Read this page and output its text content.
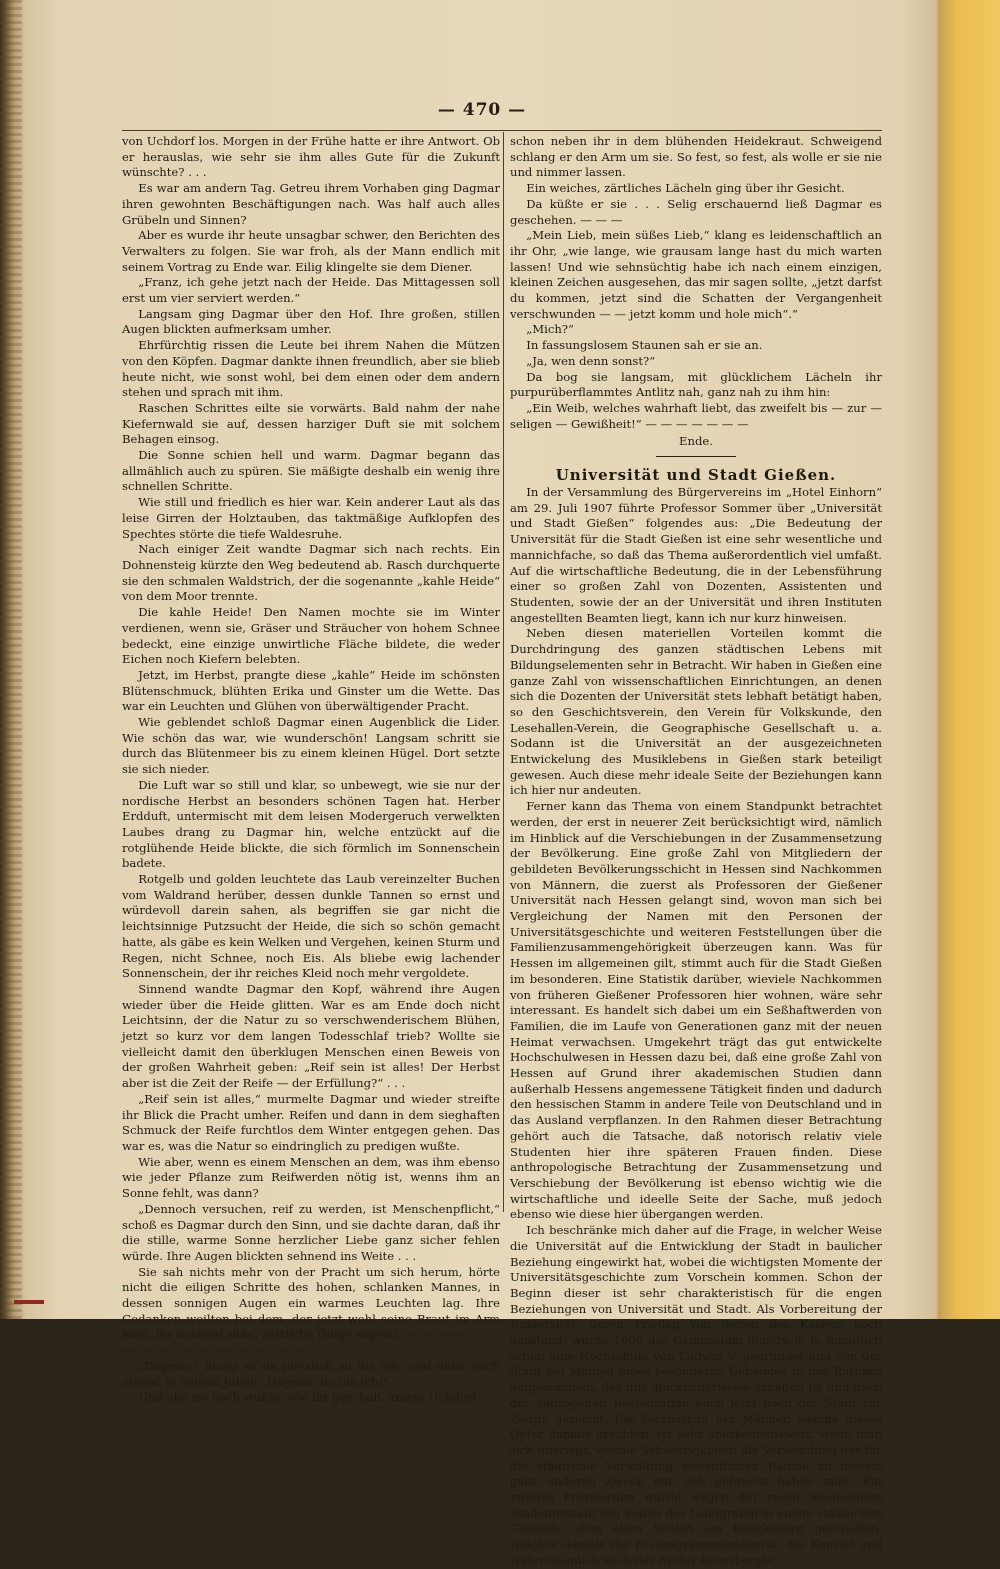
— 470 —

von Uchdorf los. Morgen in der Frühe hatte er ihre Antwort. Ob er herauslas, wie sehr sie ihm alles Gute für die Zukunft wünschte? . . .

Es war am andern Tag. Getreu ihrem Vorhaben ging Dagmar ihren gewohnten Beschäftigungen nach. Was half auch alles Grübeln und Sinnen?

Aber es wurde ihr heute unsagbar schwer, den Berichten des Verwalters zu folgen. Sie war froh, als der Mann endlich mit seinem Vortrag zu Ende war. Eilig klingelte sie dem Diener.

„Franz, ich gehe jetzt nach der Heide. Das Mittagessen soll erst um vier serviert werden.“

Langsam ging Dagmar über den Hof. Ihre großen, stillen Augen blickten aufmerksam umher.

Ehrfürchtig rissen die Leute bei ihrem Nahen die Mützen von den Köpfen. Dagmar dankte ihnen freundlich, aber sie blieb heute nicht, wie sonst wohl, bei dem einen oder dem andern stehen und sprach mit ihm.

Raschen Schrittes eilte sie vorwärts. Bald nahm der nahe Kiefernwald sie auf, dessen harziger Duft sie mit solchem Behagen einsog.

Die Sonne schien hell und warm. Dagmar begann das allmählich auch zu spüren. Sie mäßigte deshalb ein wenig ihre schnellen Schritte.

Wie still und friedlich es hier war. Kein anderer Laut als das leise Girren der Holztauben, das taktmäßige Aufklopfen des Spechtes störte die tiefe Waldesruhe.

Nach einiger Zeit wandte Dagmar sich nach rechts. Ein Dohnensteig kürzte den Weg bedeutend ab. Rasch durchquerte sie den schmalen Waldstrich, der die sogenannte „kahle Heide“ von dem Moor trennte.

Die kahle Heide! Den Namen mochte sie im Winter verdienen, wenn sie, Gräser und Sträucher von hohem Schnee bedeckt, eine einzige unwirtliche Fläche bildete, die weder Eichen noch Kiefern belebten.

Jetzt, im Herbst, prangte diese „kahle“ Heide im schönsten Blütenschmuck, blühten Erika und Ginster um die Wette. Das war ein Leuchten und Glühen von überwältigender Pracht.

Wie geblendet schloß Dagmar einen Augenblick die Lider. Wie schön das war, wie wunderschön! Langsam schritt sie durch das Blütenmeer bis zu einem kleinen Hügel. Dort setzte sie sich nieder.

Die Luft war so still und klar, so unbewegt, wie sie nur der nordische Herbst an besonders schönen Tagen hat. Herber Erdduft, untermischt mit dem leisen Modergeruch verwelkten Laubes drang zu Dagmar hin, welche entzückt auf die rotglühende Heide blickte, die sich förmlich im Sonnenschein badete.

Rotgelb und golden leuchtete das Laub vereinzelter Buchen vom Waldrand herüber, dessen dunkle Tannen so ernst und würdevoll darein sahen, als begriffen sie gar nicht die leichtsinnige Putzsucht der Heide, die sich so schön gemacht hatte, als gäbe es kein Welken und Vergehen, keinen Sturm und Regen, nicht Schnee, noch Eis. Als bliebe ewig lachender Sonnenschein, der ihr reiches Kleid noch mehr vergoldete.

Sinnend wandte Dagmar den Kopf, während ihre Augen wieder über die Heide glitten. War es am Ende doch nicht Leichtsinn, der die Natur zu so verschwenderischem Blühen, jetzt so kurz vor dem langen Todesschlaf trieb? Wollte sie vielleicht damit den überklugen Menschen einen Beweis von der großen Wahrheit geben: „Reif sein ist alles! Der Herbst aber ist die Zeit der Reife — der Erfüllung?“ . . .

„Reif sein ist alles,“ murmelte Dagmar und wieder streifte ihr Blick die Pracht umher. Reifen und dann in dem sieghaften Schmuck der Reife furchtlos dem Winter entgegen gehen. Das war es, was die Natur so eindringlich zu predigen wußte.

Wie aber, wenn es einem Menschen an dem, was ihm ebenso wie jeder Pflanze zum Reifwerden nötig ist, wenns ihm an Sonne fehlt, was dann?

„Dennoch versuchen, reif zu werden, ist Menschenpflicht,“ schoß es Dagmar durch den Sinn, und sie dachte daran, daß ihr die stille, warme Sonne herzlicher Liebe ganz sicher fehlen würde. Ihre Augen blickten sehnend ins Weite . . .

Sie sah nichts mehr von der Pracht um sich herum, hörte nicht die eiligen Schritte des hohen, schlanken Mannes, in dessen sonnigen Augen ein warmes Leuchten lag. Ihre Gedanken weilten bei dem, der jetzt wohl seine Braut im Arm hielt, ihr tausend süße, zärtliche Dinge sagend. — — — —

— — — — — — — — — —

„Dagmar,“ klang es da plötzlich zu ihr hin, und dann noch einmal in hellem Jubel: „Dagmar, da bin ich!“

Und ehe sie noch wußte, wie ihr geschah, kniete Uchdorf

schon neben ihr in dem blühenden Heidekraut. Schweigend schlang er den Arm um sie. So fest, so fest, als wolle er sie nie und nimmer lassen.

Ein weiches, zärtliches Lächeln ging über ihr Gesicht.

Da küßte er sie . . . Selig erschauernd ließ Dagmar es geschehen. — — —

„Mein Lieb, mein süßes Lieb,“ klang es leidenschaftlich an ihr Ohr, „wie lange, wie grausam lange hast du mich warten lassen! Und wie sehnsüchtig habe ich nach einem einzigen, kleinen Zeichen ausgesehen, das mir sagen sollte, „jetzt darfst du kommen, jetzt sind die Schatten der Vergangenheit verschwunden — — jetzt komm und hole mich“.“

„Mich?“

In fassungslosem Staunen sah er sie an.

„Ja, wen denn sonst?“

Da bog sie langsam, mit glücklichem Lächeln ihr purpurüberflammtes Antlitz nah, ganz nah zu ihm hin:

„Ein Weib, welches wahrhaft liebt, das zweifelt bis — zur — seligen — Gewißheit!“ — — — — — — —

Ende.

Universität und Stadt Gießen.

In der Versammlung des Bürgervereins im „Hotel Einhorn“ am 29. Juli 1907 führte Professor Sommer über „Universität und Stadt Gießen“ folgendes aus: „Die Bedeutung der Universität für die Stadt Gießen ist eine sehr wesentliche und mannichfache, so daß das Thema außerordentlich viel umfaßt. Auf die wirtschaftliche Bedeutung, die in der Lebensführung einer so großen Zahl von Dozenten, Assistenten und Studenten, sowie der an der Universität und ihren Instituten angestellten Beamten liegt, kann ich nur kurz hinweisen.

Neben diesen materiellen Vorteilen kommt die Durchdringung des ganzen städtischen Lebens mit Bildungselementen sehr in Betracht. Wir haben in Gießen eine ganze Zahl von wissenschaftlichen Einrichtungen, an denen sich die Dozenten der Universität stets lebhaft betätigt haben, so den Geschichtsverein, den Verein für Volkskunde, den Lesehallen-Verein, die Geographische Gesellschaft u. a. Sodann ist die Universität an der ausgezeichneten Entwickelung des Musiklebens in Gießen stark beteiligt gewesen. Auch diese mehr ideale Seite der Beziehungen kann ich hier nur andeuten.

Ferner kann das Thema von einem Standpunkt betrachtet werden, der erst in neuerer Zeit berücksichtigt wird, nämlich im Hinblick auf die Verschiebungen in der Zusammensetzung der Bevölkerung. Eine große Zahl von Mitgliedern der gebildeten Bevölkerungsschicht in Hessen sind Nachkommen von Männern, die zuerst als Professoren der Gießener Universität nach Hessen gelangt sind, wovon man sich bei Vergleichung der Namen mit den Personen der Universitätsgeschichte und weiteren Feststellungen über die Familienzusammengehörigkeit überzeugen kann. Was für Hessen im allgemeinen gilt, stimmt auch für die Stadt Gießen im besonderen. Eine Statistik darüber, wieviele Nachkommen von früheren Gießener Professoren hier wohnen, wäre sehr interessant. Es handelt sich dabei um ein Seßhaftwerden von Familien, die im Laufe von Generationen ganz mit der neuen Heimat verwachsen. Umgekehrt trägt das gut entwickelte Hochschulwesen in Hessen dazu bei, daß eine große Zahl von Hessen auf Grund ihrer akademischen Studien dann außerhalb Hessens angemessene Tätigkeit finden und dadurch den hessischen Stamm in andere Teile von Deutschland und in das Ausland verpflanzen. In den Rahmen dieser Betrachtung gehört auch die Tatsache, daß notorisch relativ viele Studenten hier ihre späteren Frauen finden. Diese anthropologische Betrachtung der Zusammensetzung und Verschiebung der Bevölkerung ist ebenso wichtig wie die wirtschaftliche und ideelle Seite der Sache, muß jedoch ebenso wie diese hier übergangen werden.

Ich beschränke mich daher auf die Frage, in welcher Weise die Universität auf die Entwicklung der Stadt in baulicher Beziehung eingewirkt hat, wobei die wichtigsten Momente der Universitätsgeschichte zum Vorschein kommen. Schon der Beginn dieser ist sehr charakteristisch für die engen Beziehungen von Universität und Stadt. Als Vorbereitung der Universität, deren Privileg von Seiten des Kaisers noch ausstand, wurde 1605 das Gymnasium illustre d. h. inhaltlich schon eine Hochschule von Ludwig V. gegründet und von der Stadt bei Mangel eines besonderen Gebäudes in das Rathaus aufgenommen, das uns glücklicherweise erhalten ist und nach der vollzogenen Restauration auch jetzt noch der Stadt zur Zierde gereicht. Die Voraussicht der Männer, welche dieses Opfer damals brachten, ist sehr anerkennenswert, wenn man sich überlegt, welche Schwierigkeiten die Verwendung der für die städtische Verwaltung wesentlichen Räume zu diesem ganz anderen Zweck mit sich gebracht haben muß. Ein zweites Provisorium wurde wegen der rasch wachsenden Studentenzahl von Seiten des Landgrafen in einem staatlichen Gebäude, dem alten Schloß am Kanzleiberg geschaffen, welches damals die Festungskommandantur, die Kanzlei und wahrscheinlich auch das Archiv beherbergte.
